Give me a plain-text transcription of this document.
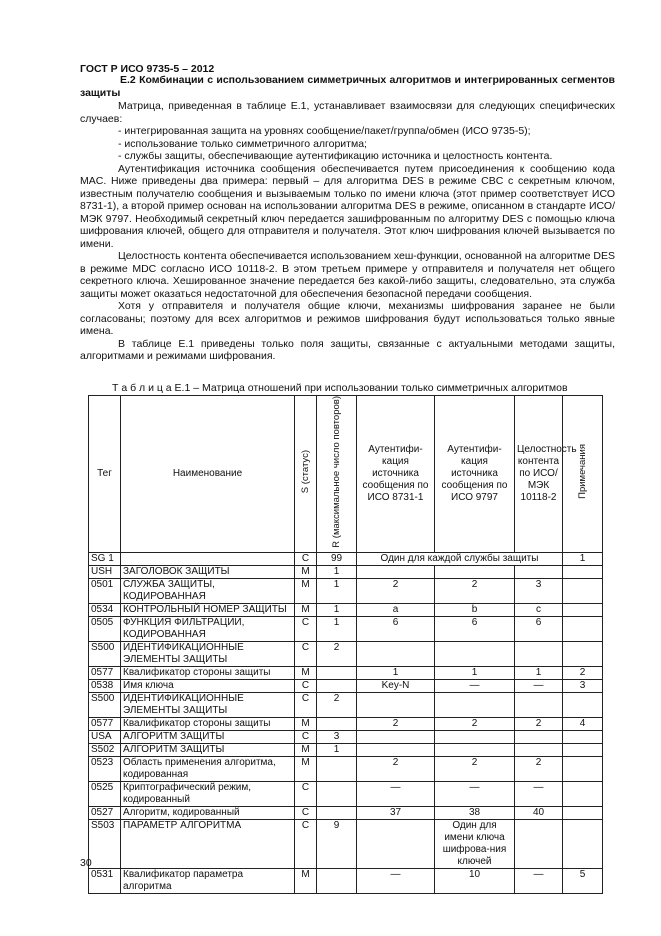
ГОСТ Р ИСО 9735-5 – 2012
Е.2 Комбинации с использованием симметричных алгоритмов и интегрированных сегментов защиты

Матрица, приведенная в таблице Е.1, устанавливает взаимосвязи для следующих специфических случаев:

- интегрированная защита на уровнях сообщение/пакет/группа/обмен (ИСО 9735-5);

- использование только симметричного алгоритма;

- службы защиты, обеспечивающие аутентификацию источника и целостность контента.

Аутентификация источника сообщения обеспечивается путем присоединения к сообщению кода MAC. Ниже приведены два примера: первый – для алгоритма DES в режиме CBC с секретным ключом, известным получателю сообщения и вызываемым только по имени ключа (этот пример соответствует ИСО 8731-1), а второй пример основан на использовании алгоритма DES в режиме, описанном в стандарте ИСО/МЭК 9797. Необходимый секретный ключ передается зашифрованным по алгоритму DES с помощью ключа шифрования ключей, общего для отправителя и получателя. Этот ключ шифрования ключей вызывается по имени.

Целостность контента обеспечивается использованием хеш-функции, основанной на алгоритме DES в режиме MDC согласно ИСО 10118-2. В этом третьем примере у отправителя и получателя нет общего секретного ключа. Хешированное значение передается без какой-либо защиты, следовательно, эта служба защиты может оказаться недостаточной для обеспечения безопасной передачи сообщения.

Хотя у отправителя и получателя общие ключи, механизмы шифрования заранее не были согласованы; поэтому для всех алгоритмов и режимов шифрования будут использоваться только явные имена.

В таблице Е.1 приведены только поля защиты, связанные с актуальными методами защиты, алгоритмами и режимами шифрования.

Т а б л и ц а Е.1 – Матрица отношений при использовании только симметричных алгоритмов
Тег	Наименование	S (статус)	R (максимальное число повторов)	Аутентифи-кация источника сообщения по ИСО 8731-1	Аутентифи-кация источника сообщения по ИСО 9797	Целостность контента по ИСО/МЭК 10118-2	Примечания
SG 1		C	99	Один для каждой службы защиты			1
USH	ЗАГОЛОВОК ЗАЩИТЫ	M	1				
0501	СЛУЖБА ЗАЩИТЫ, КОДИРОВАННАЯ	M	1	2	2	3	
0534	КОНТРОЛЬНЫЙ НОМЕР ЗАЩИТЫ	M	1	a	b	c	
0505	ФУНКЦИЯ ФИЛЬТРАЦИИ, КОДИРОВАННАЯ	C	1	6	6	6	
S500	ИДЕНТИФИКАЦИОННЫЕ ЭЛЕМЕНТЫ ЗАЩИТЫ	C	2				
0577	Квалификатор стороны защиты	M		1	1	1	2
0538	Имя ключа	C		Key-N	—	—	3
S500	ИДЕНТИФИКАЦИОННЫЕ ЭЛЕМЕНТЫ ЗАЩИТЫ	C	2				
0577	Квалификатор стороны защиты	M		2	2	2	4
USA	АЛГОРИТМ ЗАЩИТЫ	C	3				
S502	АЛГОРИТМ ЗАЩИТЫ	M	1				
0523	Область применения алгоритма, кодированная	M		2	2	2	
0525	Криптографический режим, кодированный	C		—	—	—	
0527	Алгоритм, кодированный	C		37	38	40	
S503	ПАРАМЕТР АЛГОРИТМА	C	9		Один для имени ключа шифрова-ния ключей		
0531	Квалификатор параметра алгоритма	M		—	10	—	5
30
